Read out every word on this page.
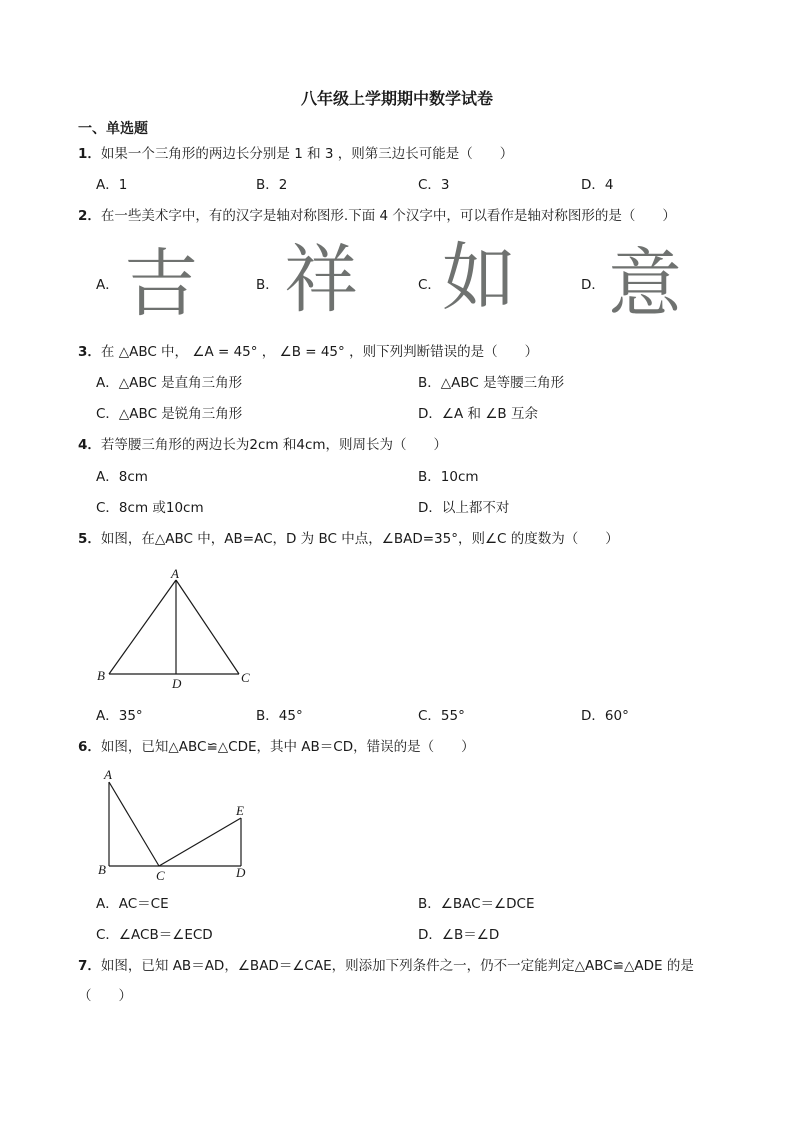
八年级上学期期中数学试卷
一、单选题
1．如果一个三角形的两边长分别是 1 和 3 ，则第三边长可能是（　　）
A．1	B．2	C．3	D．4
2．在一些美术字中，有的汉字是轴对称图形.下面 4 个汉字中，可以看作是轴对称图形的是（　　）
A． 吉	B． 祥	C． 如	D． 意
3．在 △ABC 中， ∠A = 45° ， ∠B = 45° ，则下列判断错误的是（　　）
A．△ABC 是直角三角形	B．△ABC 是等腰三角形
C．△ABC 是锐角三角形	D．∠A 和 ∠B 互余
4．若等腰三角形的两边长为2cm 和4cm，则周长为（　　）
A．8cm	B．10cm
C．8cm 或10cm	D．以上都不对
5．如图，在△ABC 中，AB=AC，D 为 BC 中点，∠BAD=35°，则∠C 的度数为（　　）
A
B
D	C
A．35°	B．45°	C．55°	D．60°
6．如图，已知△ABC≌△CDE，其中 AB＝CD，错误的是（　　）
A
E
B	C	D
A．AC＝CE	B．∠BAC＝∠DCE
C．∠ACB＝∠ECD	D．∠B＝∠D
7．如图，已知 AB＝AD，∠BAD＝∠CAE，则添加下列条件之一，仍不一定能判定△ABC≌△ADE 的是
（　　）
